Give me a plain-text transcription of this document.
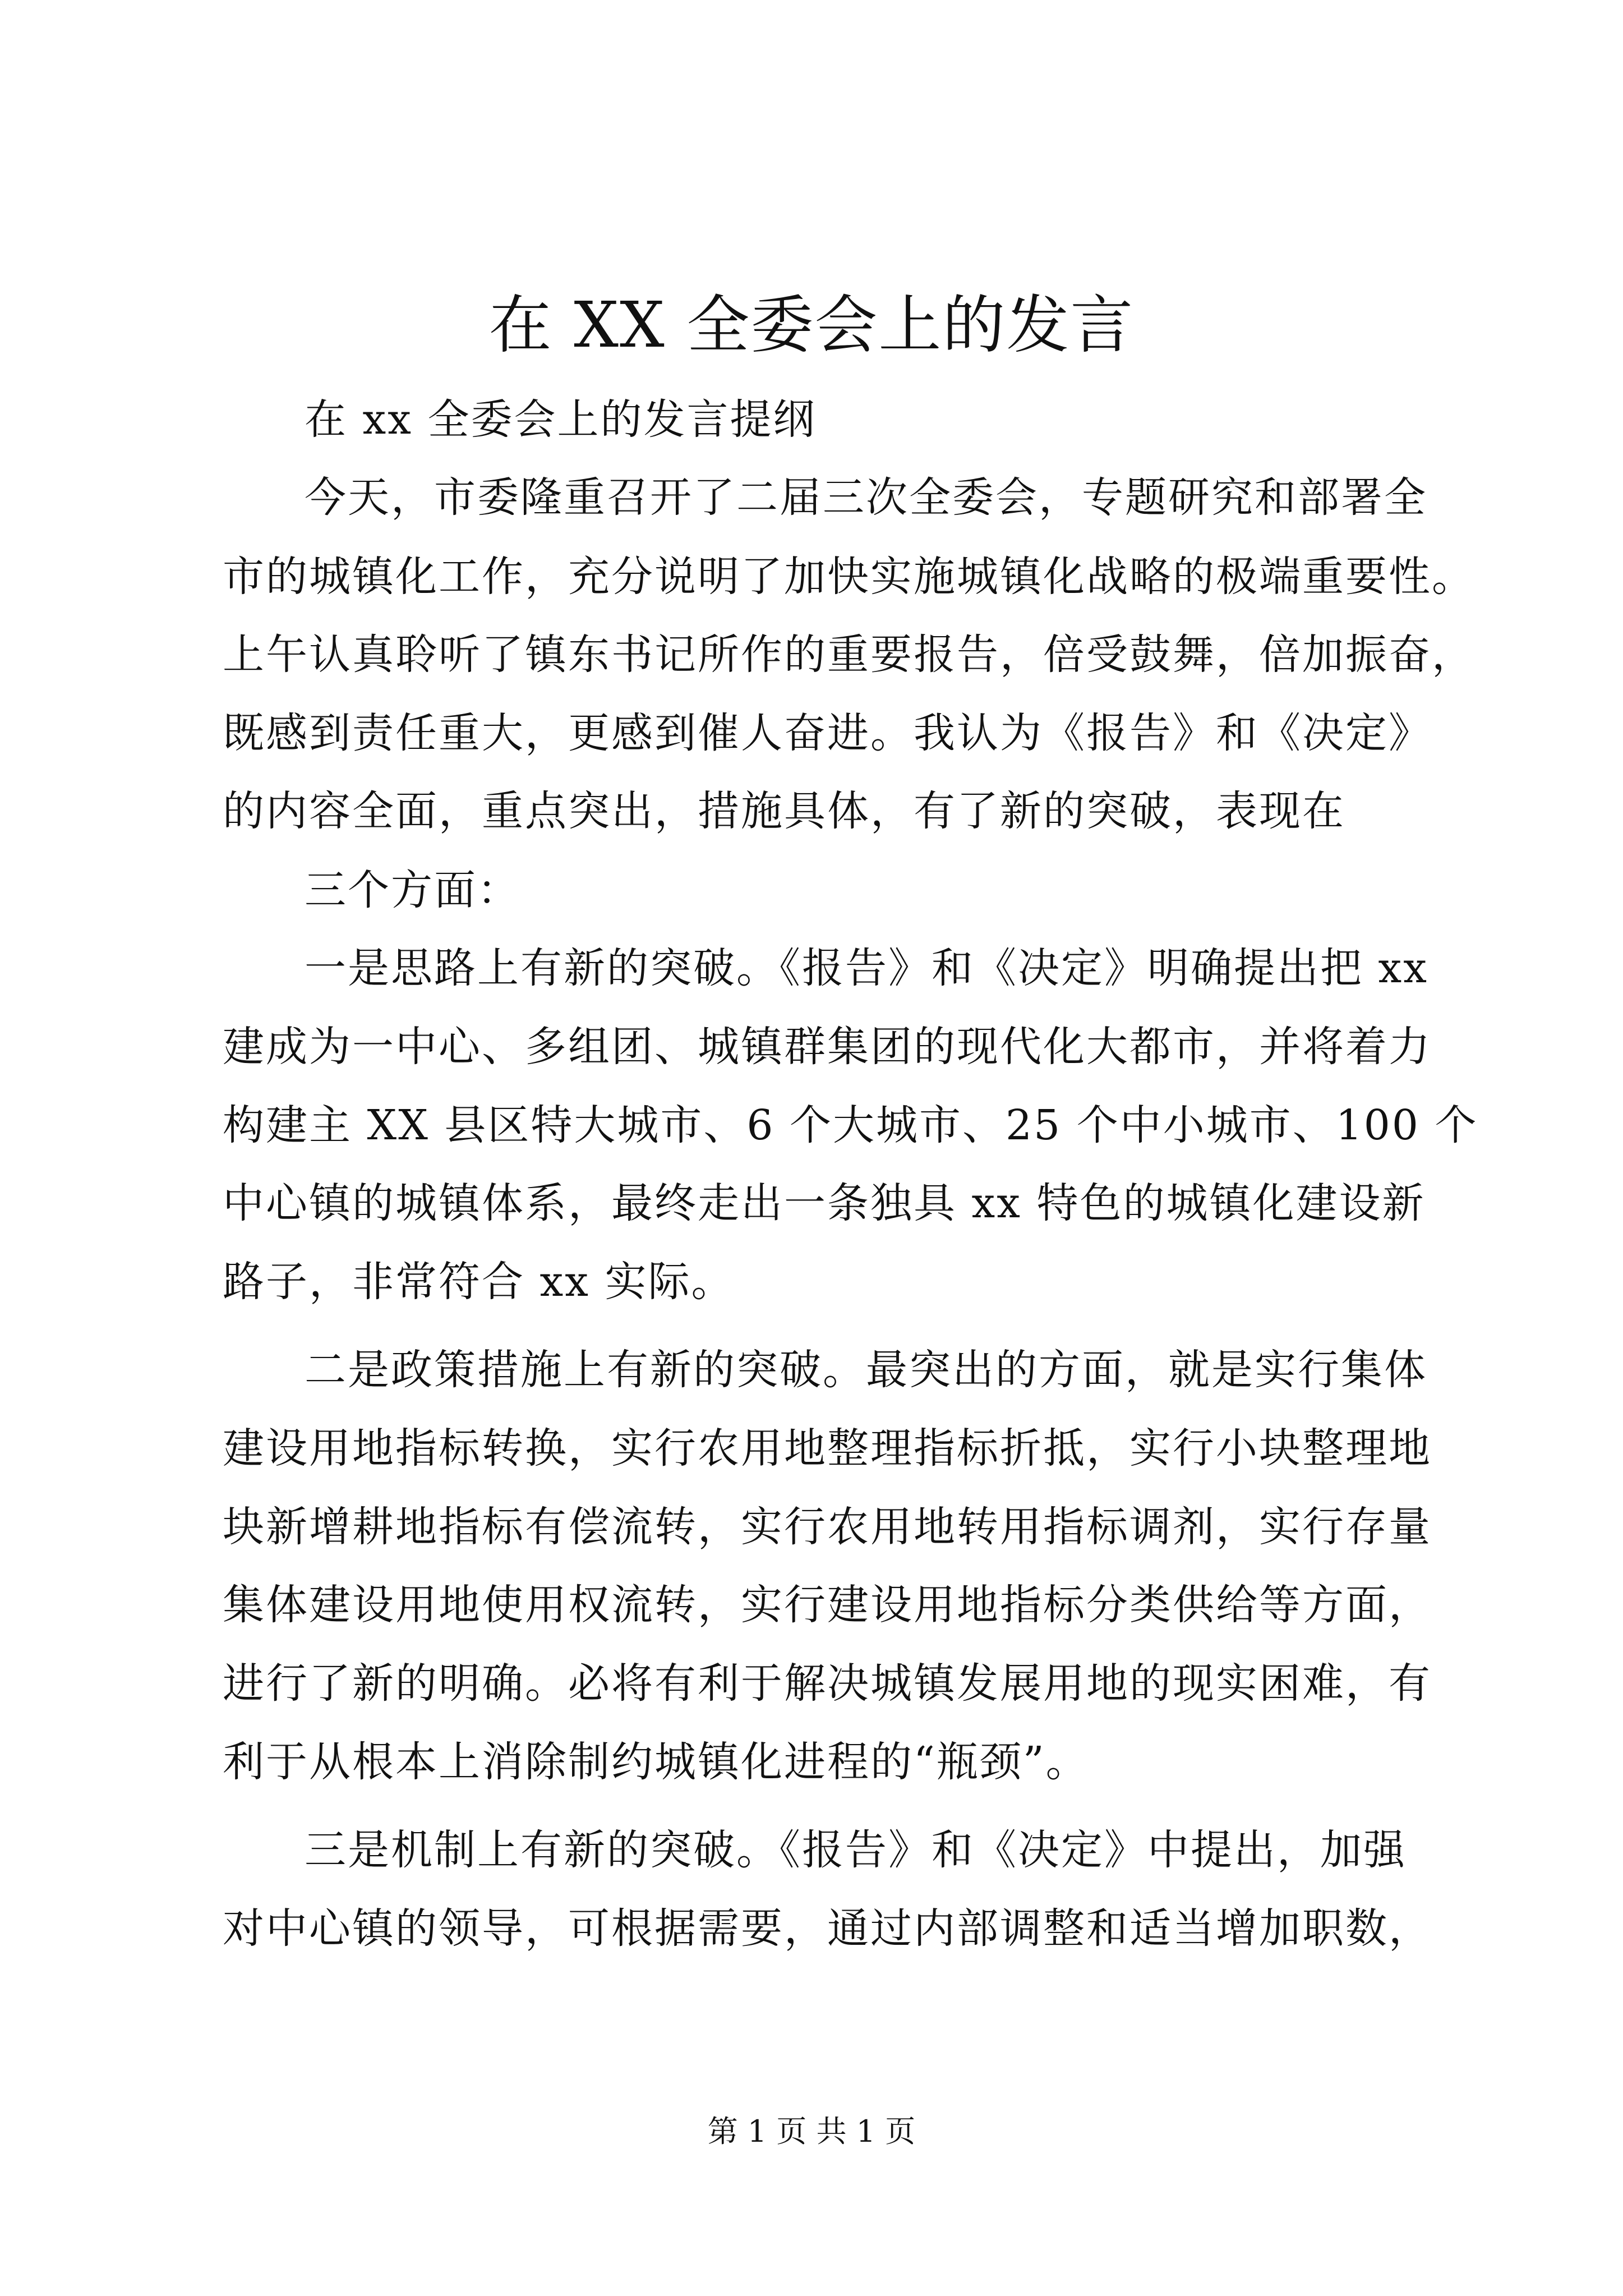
在 XX 全委会上的发言
在 xx 全委会上的发言提纲
今天，市委隆重召开了二届三次全委会，专题研究和部署全
市的城镇化工作，充分说明了加快实施城镇化战略的极端重要性。
上午认真聆听了镇东书记所作的重要报告，倍受鼓舞，倍加振奋，
既感到责任重大，更感到催人奋进。我认为《报告》和《决定》
的内容全面，重点突出，措施具体，有了新的突破，表现在
三个方面：
一是思路上有新的突破。《报告》和《决定》明确提出把 xx
建成为一中心、多组团、城镇群集团的现代化大都市，并将着力
构建主 XX 县区特大城市、6 个大城市、25 个中小城市、100 个
中心镇的城镇体系，最终走出一条独具 xx 特色的城镇化建设新
路子，非常符合 xx 实际。
二是政策措施上有新的突破。最突出的方面，就是实行集体
建设用地指标转换，实行农用地整理指标折抵，实行小块整理地
块新增耕地指标有偿流转，实行农用地转用指标调剂，实行存量
集体建设用地使用权流转，实行建设用地指标分类供给等方面，
进行了新的明确。必将有利于解决城镇发展用地的现实困难，有
利于从根本上消除制约城镇化进程的“瓶颈”。
三是机制上有新的突破。《报告》和《决定》中提出，加强
对中心镇的领导，可根据需要，通过内部调整和适当增加职数，
第 1 页 共 1 页
